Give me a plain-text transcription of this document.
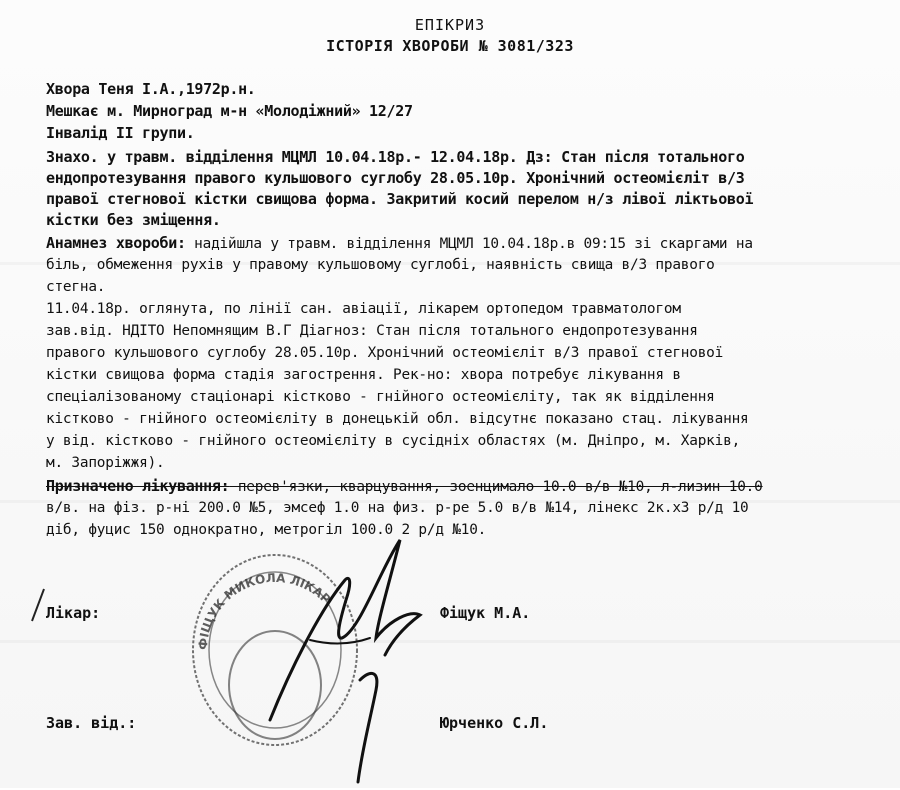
ЕПІКРИЗ
ІСТОРІЯ ХВОРОБИ № 3081/323
Хвора Теня І.А.,1972р.н.
Мешкає м. Мирноград м-н «Молодіжний» 12/27
Інвалід ІІ групи.
Знахо. у травм. відділення МЦМЛ 10.04.18р.- 12.04.18р. Дз: Стан після тотального
ендопротезування правого кульшового суглобу 28.05.10р. Хронічний остеомієліт в/3
правої стегнової кістки свищова форма. Закритий косий перелом н/з лівої ліктьової
кістки без зміщення.
Анамнез хвороби: надійшла у травм. відділення МЦМЛ 10.04.18р.в 09:15 зі скаргами на
біль, обмеження рухів у правому кульшовому суглобі, наявність свища в/3 правого
стегна.
11.04.18р. оглянута, по лінії сан. авіації, лікарем ортопедом травматологом
зав.від. НДІТО Непомнящим В.Г Діагноз: Стан після тотального ендопротезування
правого кульшового суглобу 28.05.10р. Хронічний остеомієліт в/3 правої стегнової
кістки свищова форма стадія загострення. Рек-но: хвора потребує лікування в
спеціалізованому стаціонарі кістково - гнійного остеомієліту, так як відділення
кістково - гнійного остеомієліту в донецькій обл. відсутнє показано стац. лікування
у від. кістково - гнійного остеомієліту в сусідніх областях (м. Дніпро, м. Харків,
м. Запоріжжя).
Призначено лікування: перев'язки, кварцування, зоенцимало 10.0 в/в №10, л-лизин 10.0
в/в. на фіз. р-ні 200.0 №5, эмсеф 1.0 на физ. р-ре 5.0 в/в №14, лінекс 2к.х3 р/д 10
діб, фуцис 150 однократно, метрогіл 100.0 2 р/д №10.
Лікар:	Фіщук М.А.
Зав. від.:	Юрченко С.Л.
ФІЩУК МИКОЛА ЛІКАР
